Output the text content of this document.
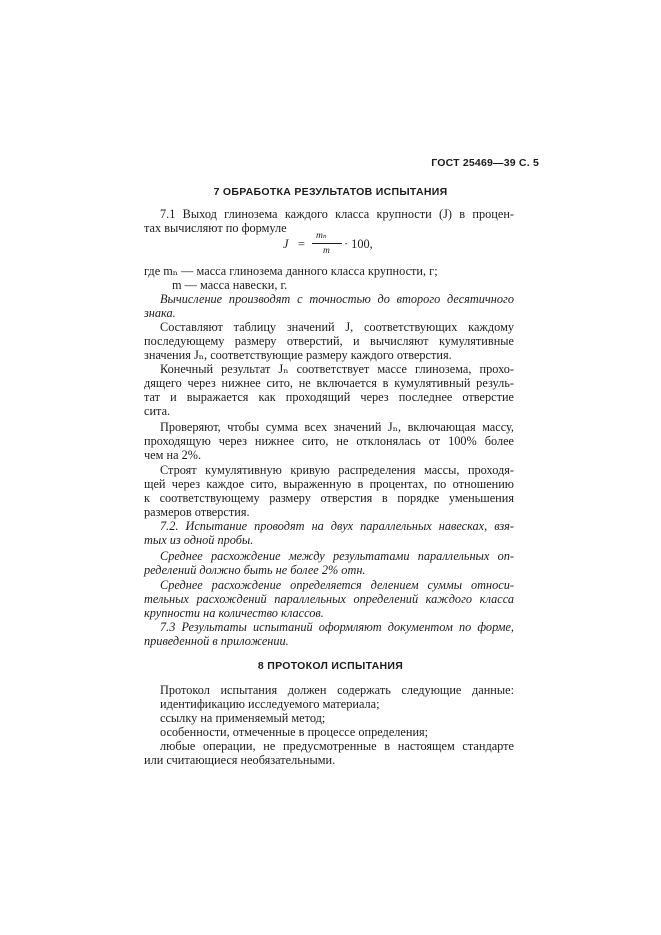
ГОСТ 25469—39 С. 5
7 ОБРАБОТКА РЕЗУЛЬТАТОВ ИСПЫТАНИЯ
7.1 Выход глинозема каждого класса крупности (J) в процен-
тах вычисляют по формуле
J =
mₙ
m · 100,
где mₙ — масса глинозема данного класса крупности, г;
m — масса навески, г.
Вычисление производят с точностью до второго десятичного
знака.
Составляют таблицу значений J, соответствующих каждому
последующему размеру отверстий, и вычисляют кумулятивные
значения Jₙ, соответствующие размеру каждого отверстия.
Конечный результат Jₙ соответствует массе глинозема, прохо-
дящего через нижнее сито, не включается в кумулятивный резуль-
тат и выражается как проходящий через последнее отверстие
сита.
Проверяют, чтобы сумма всех значений Jₙ, включающая массу,
проходящую через нижнее сито, не отклонялась от 100% более
чем на 2%.
Строят кумулятивную кривую распределения массы, проходя-
щей через каждое сито, выраженную в процентах, по отношению
к соответствующему размеру отверстия в порядке уменьшения
размеров отверстия.
7.2. Испытание проводят на двух параллельных навесках, взя-
тых из одной пробы.
Среднее расхождение между результатами параллельных оп-
ределений должно быть не более 2% отн.
Среднее расхождение определяется делением суммы относи-
тельных расхождений параллельных определений каждого класса
крупности на количество классов.
7.3 Результаты испытаний оформляют документом по форме,
приведенной в приложении.
8 ПРОТОКОЛ ИСПЫТАНИЯ
Протокол испытания должен содержать следующие данные:
идентификацию исследуемого материала;
ссылку на применяемый метод;
особенности, отмеченные в процессе определения;
любые операции, не предусмотренные в настоящем стандарте
или считающиеся необязательными.
